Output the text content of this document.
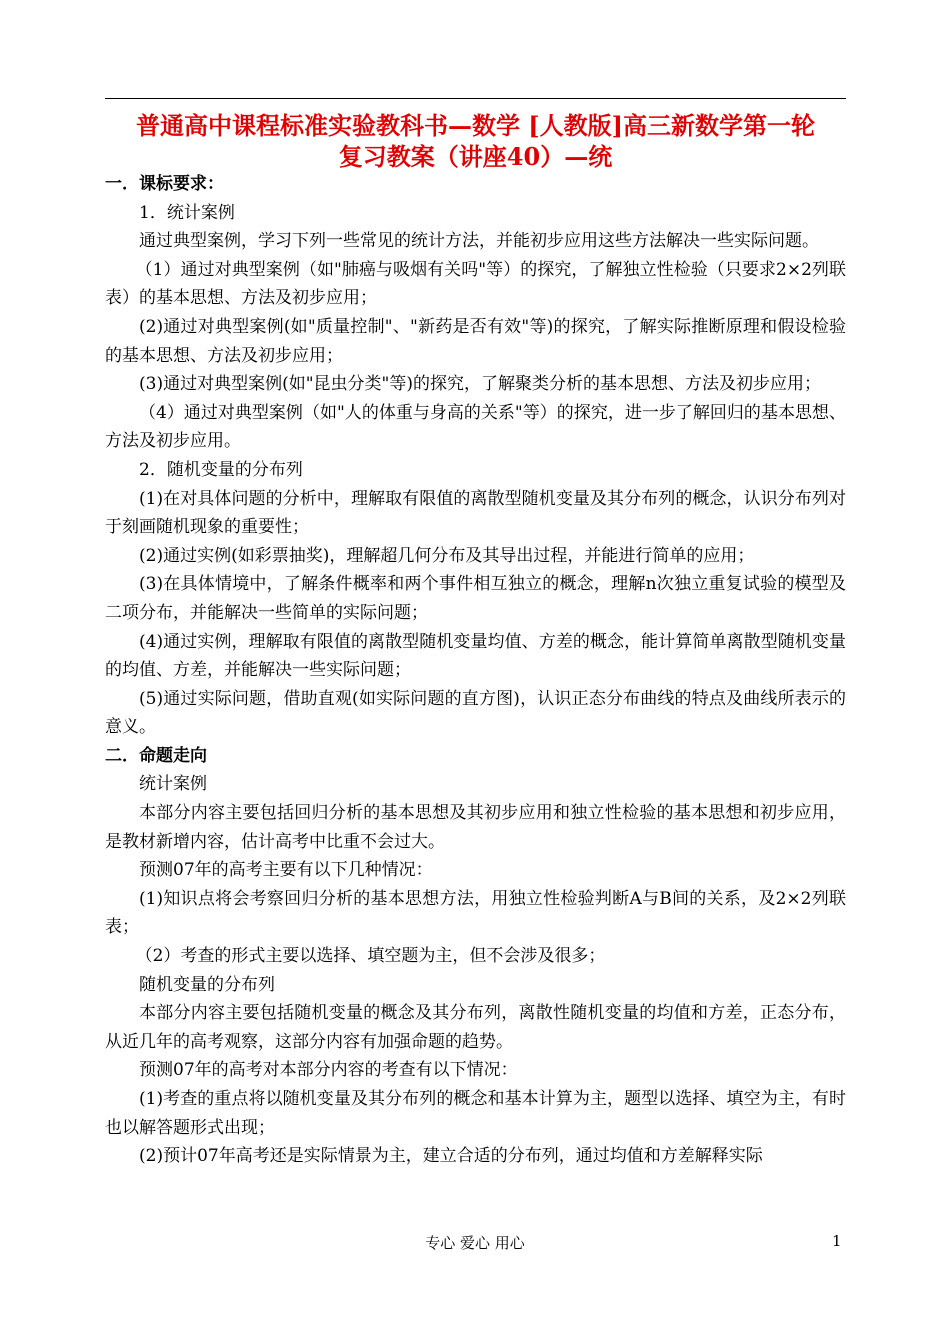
普通高中课程标准实验教科书—数学 [人教版]高三新数学第一轮
复习教案（讲座40）—统

一．课标要求：

1．统计案例

通过典型案例，学习下列一些常见的统计方法，并能初步应用这些方法解决一些实际问题。

（1）通过对典型案例（如"肺癌与吸烟有关吗"等）的探究，了解独立性检验（只要求2×2列联表）的基本思想、方法及初步应用；

(2)通过对典型案例(如"质量控制"、"新药是否有效"等)的探究，了解实际推断原理和假设检验的基本思想、方法及初步应用；

(3)通过对典型案例(如"昆虫分类"等)的探究，了解聚类分析的基本思想、方法及初步应用；

（4）通过对典型案例（如"人的体重与身高的关系"等）的探究，进一步了解回归的基本思想、方法及初步应用。

2．随机变量的分布列

(1)在对具体问题的分析中，理解取有限值的离散型随机变量及其分布列的概念，认识分布列对于刻画随机现象的重要性；

(2)通过实例(如彩票抽奖)，理解超几何分布及其导出过程，并能进行简单的应用；

(3)在具体情境中，了解条件概率和两个事件相互独立的概念，理解n次独立重复试验的模型及二项分布，并能解决一些简单的实际问题；

(4)通过实例，理解取有限值的离散型随机变量均值、方差的概念，能计算简单离散型随机变量的均值、方差，并能解决一些实际问题；

(5)通过实际问题，借助直观(如实际问题的直方图)，认识正态分布曲线的特点及曲线所表示的意义。

二．命题走向

统计案例

本部分内容主要包括回归分析的基本思想及其初步应用和独立性检验的基本思想和初步应用，是教材新增内容，估计高考中比重不会过大。

预测07年的高考主要有以下几种情况：

(1)知识点将会考察回归分析的基本思想方法，用独立性检验判断A与B间的关系，及2×2列联表；

（2）考查的形式主要以选择、填空题为主，但不会涉及很多；

随机变量的分布列

本部分内容主要包括随机变量的概念及其分布列，离散性随机变量的均值和方差，正态分布，从近几年的高考观察，这部分内容有加强命题的趋势。

预测07年的高考对本部分内容的考查有以下情况：

(1)考查的重点将以随机变量及其分布列的概念和基本计算为主，题型以选择、填空为主，有时也以解答题形式出现；

(2)预计07年高考还是实际情景为主，建立合适的分布列，通过均值和方差解释实际

专心 爱心 用心	1
